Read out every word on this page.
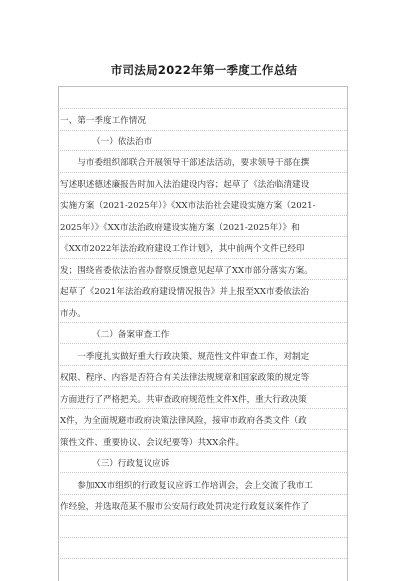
市司法局2022年第一季度工作总结
一、第一季度工作情况
（一）依法治市
　　与市委组织部联合开展领导干部述法活动，要求领导干部在撰
写述职述德述廉报告时加入法治建设内容；起草了《法治临清建设
实施方案（2021-2025年）》《XX市法治社会建设实施方案（2021-
2025年）》《XX市法治政府建设实施方案（2021-2025年）》和
《XX市2022年法治政府建设工作计划》，其中前两个文件已经印
发；围绕省委依法治省办督察反馈意见起草了XX市部分落实方案。
起草了《2021年法治政府建设情况报告》并上报至XX市委依法治
市办。
（二）备案审查工作
　　一季度扎实做好重大行政决策、规范性文件审查工作，对制定
权限、程序、内容是否符合有关法律法规规章和国家政策的规定等
方面进行了严格把关。共审查政府规范性文件X件，重大行政决策
X件，为全面规避市政府决策法律风险，接审市政府各类文件（政
策性文件、重要协议、会议纪要等）共XX余件。
（三）行政复议应诉
　　参加XX市组织的行政复议应诉工作培训会，会上交流了我市工
作经验，并选取范某不服市公安局行政处罚决定行政复议案件作了
